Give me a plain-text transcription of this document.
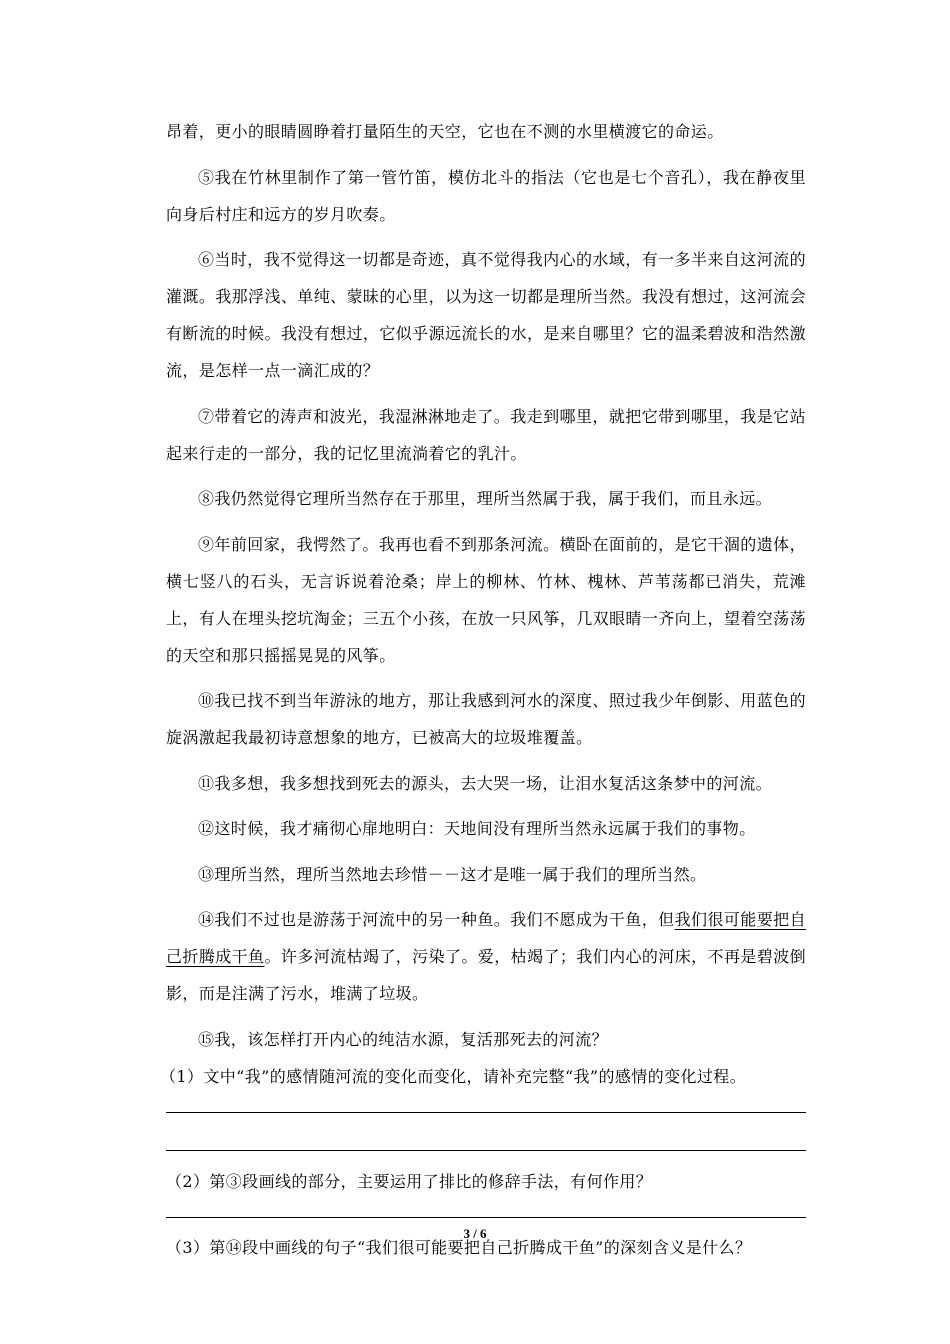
昂着，更小的眼睛圆睁着打量陌生的天空，它也在不测的水里横渡它的命运。

⑤我在竹林里制作了第一管竹笛，模仿北斗的指法（它也是七个音孔），我在静夜里向身后村庄和远方的岁月吹奏。

⑥当时，我不觉得这一切都是奇迹，真不觉得我内心的水域，有一多半来自这河流的灌溉。我那浮浅、单纯、蒙昧的心里，以为这一切都是理所当然。我没有想过，这河流会有断流的时候。我没有想过，它似乎源远流长的水，是来自哪里？它的温柔碧波和浩然激流，是怎样一点一滴汇成的？

⑦带着它的涛声和波光，我湿淋淋地走了。我走到哪里，就把它带到哪里，我是它站起来行走的一部分，我的记忆里流淌着它的乳汁。

⑧我仍然觉得它理所当然存在于那里，理所当然属于我，属于我们，而且永远。

⑨年前回家，我愕然了。我再也看不到那条河流。横卧在面前的，是它干涸的遗体，横七竖八的石头，无言诉说着沧桑；岸上的柳林、竹林、槐林、芦苇荡都已消失，荒滩上，有人在埋头挖坑淘金；三五个小孩，在放一只风筝，几双眼睛一齐向上，望着空荡荡的天空和那只摇摇晃晃的风筝。

⑩我已找不到当年游泳的地方，那让我感到河水的深度、照过我少年倒影、用蓝色的旋涡激起我最初诗意想象的地方，已被高大的垃圾堆覆盖。

⑪我多想，我多想找到死去的源头，去大哭一场，让泪水复活这条梦中的河流。

⑫这时候，我才痛彻心扉地明白：天地间没有理所当然永远属于我们的事物。

⑬理所当然，理所当然地去珍惜－－这才是唯一属于我们的理所当然。

⑭我们不过也是游荡于河流中的另一种鱼。我们不愿成为干鱼，但我们很可能要把自己折腾成干鱼。许多河流枯竭了，污染了。爱，枯竭了；我们内心的河床，不再是碧波倒影，而是注满了污水，堆满了垃圾。

⑮我，该怎样打开内心的纯洁水源，复活那死去的河流？

（1）文中“我”的感情随河流的变化而变化，请补充完整“我”的感情的变化过程。
（2）第③段画线的部分，主要运用了排比的修辞手法，有何作用？
（3）第⑭段中画线的句子“我们很可能要把自己折腾成干鱼”的深刻含义是什么？
3 / 6
